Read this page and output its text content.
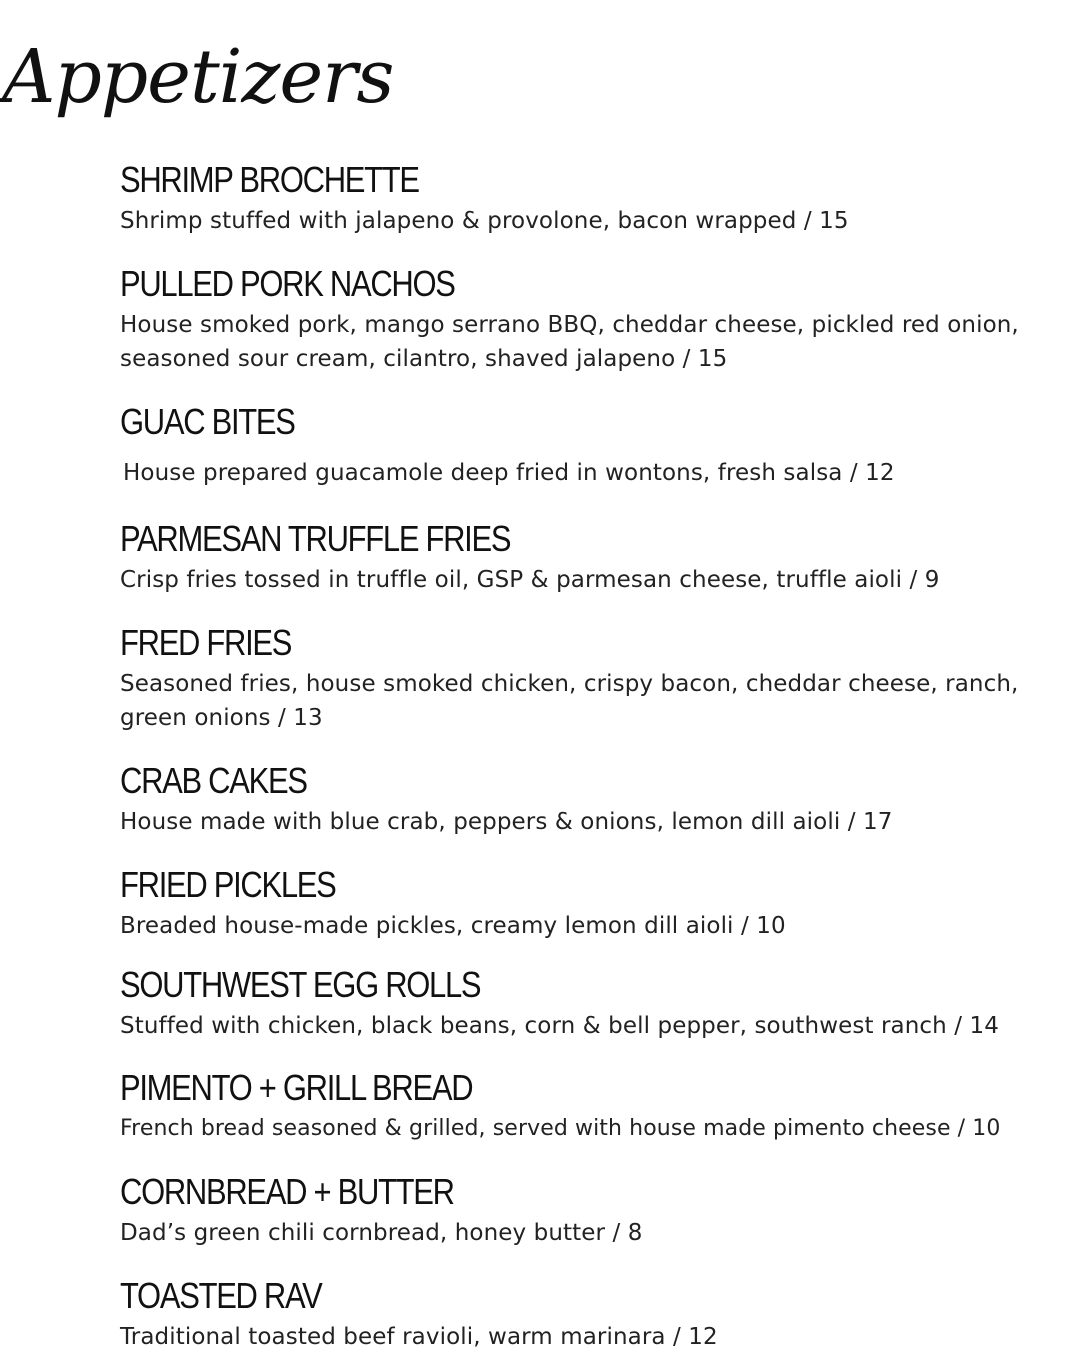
Appetizers
SHRIMP BROCHETTE
Shrimp stuffed with jalapeno & provolone, bacon wrapped / 15
PULLED PORK NACHOS
House smoked pork, mango serrano BBQ, cheddar cheese, pickled red onion, seasoned sour cream, cilantro, shaved jalapeno / 15
GUAC BITES
House prepared guacamole deep fried in wontons, fresh salsa / 12
PARMESAN TRUFFLE FRIES
Crisp fries tossed in truffle oil, GSP & parmesan cheese, truffle aioli / 9
FRED FRIES
Seasoned fries, house smoked chicken, crispy bacon, cheddar cheese, ranch, green onions / 13
CRAB CAKES
House made with blue crab, peppers & onions, lemon dill aioli / 17
FRIED PICKLES
Breaded house-made pickles, creamy lemon dill aioli / 10
SOUTHWEST EGG ROLLS
Stuffed with chicken, black beans, corn & bell pepper, southwest ranch / 14
PIMENTO + GRILL BREAD
French bread seasoned & grilled, served with house made pimento cheese / 10
CORNBREAD + BUTTER
Dad’s green chili cornbread, honey butter / 8
TOASTED RAV
Traditional toasted beef ravioli, warm marinara / 12
